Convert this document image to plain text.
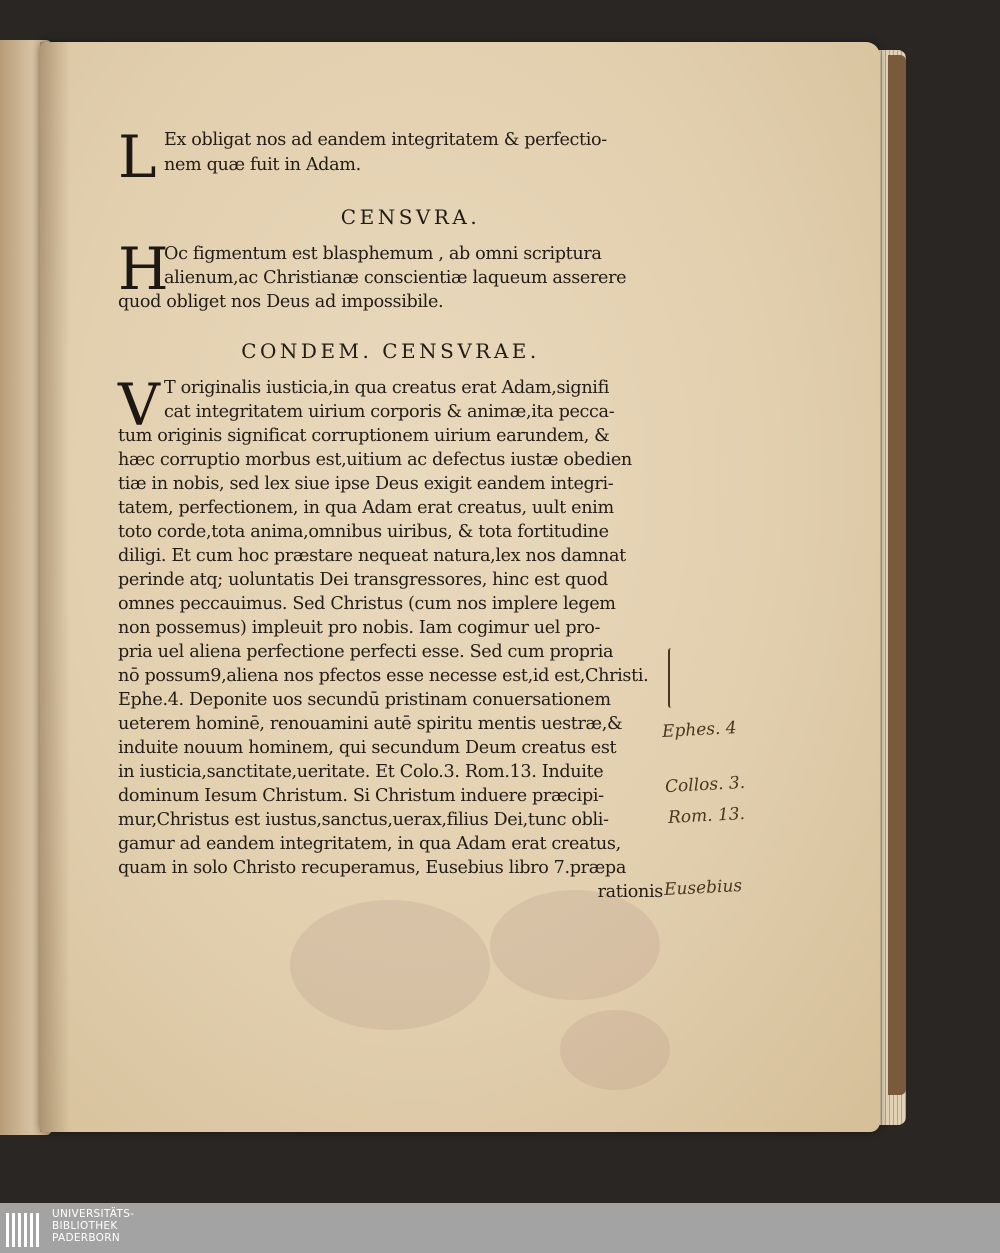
L Ex obligat nos ad eandem integritatem & perfectio-
nem quæ fuit in Adam.
CENSVRA.
H
Oc figmentum est blasphemum , ab omni scriptura
alienum,ac Christianæ conscientiæ laqueum asserere
quod obliget nos Deus ad impossibile.
CONDEM. CENSVRAE.
V T originalis iusticia,in qua creatus erat Adam,signifi
cat integritatem uirium corporis & animæ,ita pecca-
tum originis significat corruptionem uirium earundem, &
hæc corruptio morbus est,uitium ac defectus iustæ obedien
tiæ in nobis, sed lex siue ipse Deus exigit eandem integri-
tatem, perfectionem, in qua Adam erat creatus, uult enim
toto corde,tota anima,omnibus uiribus, & tota fortitudine
diligi. Et cum hoc præstare nequeat natura,lex nos damnat
perinde atq; uoluntatis Dei transgressores, hinc est quod
omnes peccauimus. Sed Christus (cum nos implere legem
non possemus) impleuit pro nobis. Iam cogimur uel pro-
pria uel aliena perfectione perfecti esse. Sed cum propria
nō possum9,aliena nos pfectos esse necesse est,id est,Christi.
Ephe.4. Deponite uos secundū pristinam conuersationem
ueterem hominē, renouamini autē spiritu mentis uestræ,&
induite nouum hominem, qui secundum Deum creatus est
in iusticia,sanctitate,ueritate. Et Colo.3. Rom.13. Induite
dominum Iesum Christum. Si Christum induere præcipi-
mur,Christus est iustus,sanctus,uerax,filius Dei,tunc obli-
gamur ad eandem integritatem, in qua Adam erat creatus,
quam in solo Christo recuperamus, Eusebius libro 7.præpa
rationis
Ephes. 4
Collos. 3.
Rom. 13.
Eusebius
UNIVERSITÄTS-
BIBLIOTHEK
PADERBORN
